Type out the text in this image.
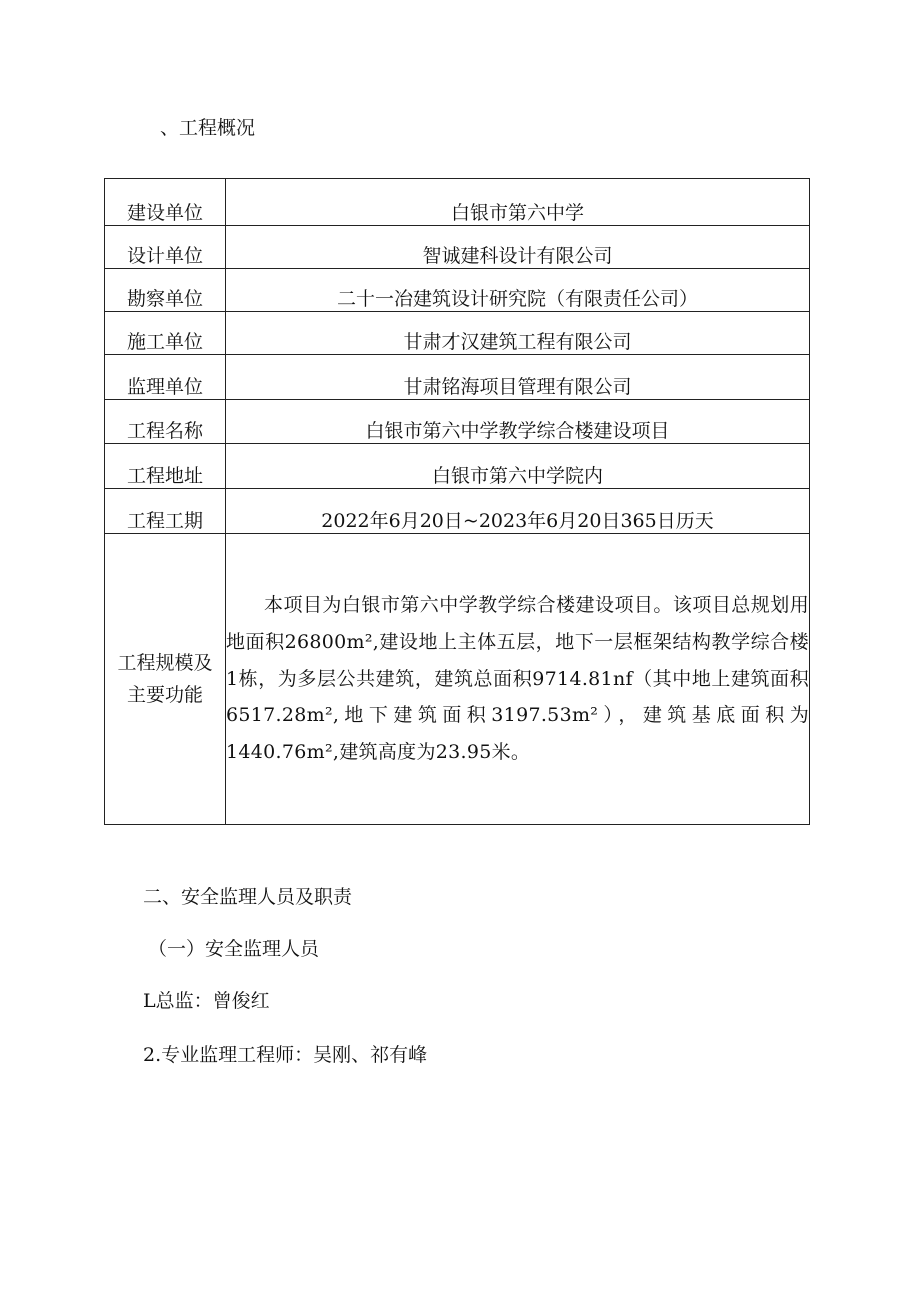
、工程概况
建设单位	白银市第六中学
设计单位	智诚建科设计有限公司
勘察单位	二十一冶建筑设计研究院（有限责任公司）
施工单位	甘肃才汉建筑工程有限公司
监理单位	甘肃铭海项目管理有限公司
工程名称	白银市第六中学教学综合楼建设项目
工程地址	白银市第六中学院内
工程工期	2022年6月20日~2023年6月20日365日历天

工程规模及
主要功能	本项目为白银市第六中学教学综合楼建设项目。该项目总规划用地面积26800m²,建设地上主体五层，地下一层框架结构教学综合楼1栋，为多层公共建筑，建筑总面积9714.81nf（其中地上建筑面积6517.28m²,地下建筑面积3197.53m²），建筑基底面积为1440.76m²,建筑高度为23.95米。

二、安全监理人员及职责
（一）安全监理人员
L总监：曾俊红
2.专业监理工程师：吴刚、祁有峰
